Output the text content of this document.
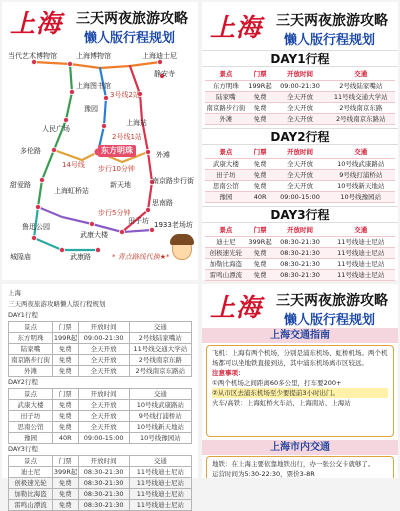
上海 三天两夜旅游攻略
懒人版行程规划
东方明珠
上海博物馆	上海迪士尼
静安寺
当代艺术博物馆
上海图书馆
豫园
人民广场
上海站
多伦路	外滩
南京路步行街
上海虹桥站
新天地
思南路
田子坊 1933老场坊
武康大楼
鲁迅公园
甜爱路
城隍庙	武康路
3号线2站
2号线1站
14号线 步行10分钟
步行5分钟
* 青点路线代换★*
上海 三天两夜旅游攻略
懒人版行程规划
DAY1行程
景点	门票	开放时间	交通
东方明珠	199R起	09:00-21:30	2号线陆家嘴站
陆家嘴	免费	全天开放	11号线交通大学站
南京路步行街	免费	全天开放	2号线南京东路
外滩	免费	全天开放	2号线南京东路站
DAY2行程
景点	门票	开放时间	交通
武康大楼	免费	全天开放	10号线武康路站
田子坊	免费	全天开放	9号线打浦桥站
思南公馆	免费	全天开放	10号线新天地站
豫园	40R	09:00-15:00	10号线豫园站
DAY3行程
景点	门票	开放时间	交通
迪士尼	399R起	08:30-21:30	11号线迪士尼站
创极速光轮	免费	08:30-21:30	11号线迪士尼站
加勒比海盗	免费	08:30-21:30	11号线迪士尼站
雷鸣山漂流	免费	08:30-21:30	11号线迪士尼站
上海
三天两夜旅游攻略懒人版行程规划
DAY1行程
景点	门票	开放时间	交通
东方明珠	199R起	09:00-21:30	2号线陆家嘴站
陆家嘴	免费	全天开放	11号线交通大学站
南京路步行街	免费	全天开放	2号线南京东路
外滩	免费	全天开放	2号线南京东路站
DAY2行程
景点	门票	开放时间	交通
武康大楼	免费	全天开放	10号线武康路站
田子坊	免费	全天开放	9号线打浦桥站
思南公馆	免费	全天开放	10号线新天地站
豫园	40R	09:00-15:00	10号线豫园站
DAY3行程
景点	门票	开放时间	交通
迪士尼	399R起	08:30-21:30	11号线迪士尼站
创极速光轮	免费	08:30-21:30	11号线迪士尼站
加勒比海盗	免费	08:30-21:30	11号线迪士尼站
雷鸣山漂流	免费	08:30-21:30	11号线迪士尼站
上海 三天两夜旅游攻略
懒人版行程规划
上海交通指南
飞机：上海有两个机场，分别是浦东机场、虹桥机场。两个机场都可以坐地铁直接到达，其中浦东机场离市区较远。
注意事项：
①两个机场之间距离60多公里，打车要200+
②从市区去浦东机场至少要提前3小时出门。
火车/高铁：上海虹桥火车站、上海南站、上海站
上海市内交通
地铁：在上海主要依靠地铁出行，办一张公交卡就够了。
运营时间为5:30-22:30，票价3-8R
